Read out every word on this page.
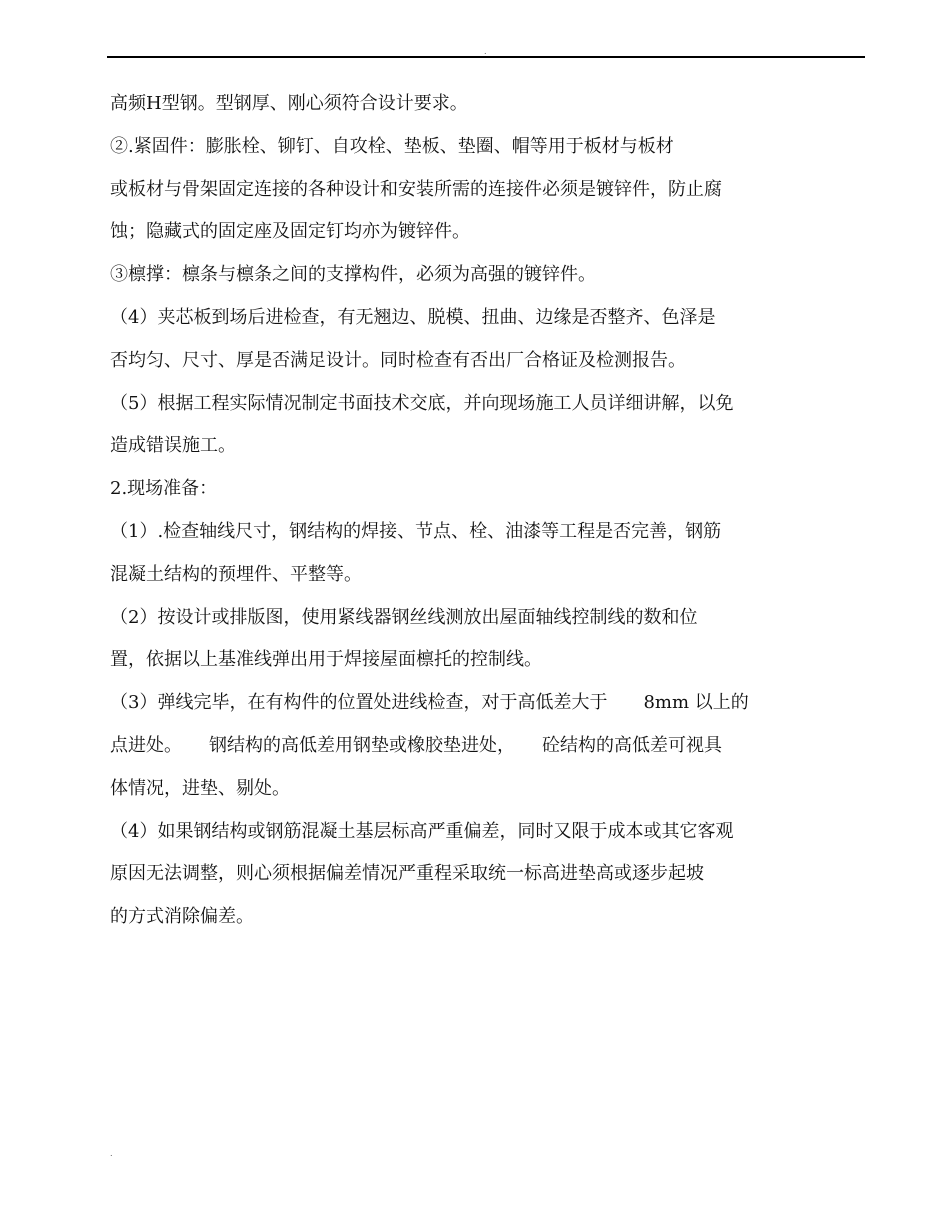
.
高频H型钢。型钢厚、刚心须符合设计要求。
②.紧固件：膨胀栓、铆钉、自攻栓、垫板、垫圈、帽等用于板材与板材
或板材与骨架固定连接的各种设计和安装所需的连接件必须是镀锌件，防止腐
蚀；隐藏式的固定座及固定钉均亦为镀锌件。
③檩撑：檩条与檩条之间的支撑构件，必须为高强的镀锌件。
（4）夹芯板到场后进检查，有无翘边、脱模、扭曲、边缘是否整齐、色泽是
否均匀、尺寸、厚是否满足设计。同时检查有否出厂合格证及检测报告。
（5）根据工程实际情况制定书面技术交底，并向现场施工人员详细讲解，以免
造成错误施工。
2.现场准备：
（1）.检查轴线尺寸，钢结构的焊接、节点、栓、油漆等工程是否完善，钢筋
混凝土结构的预埋件、平整等。
（2）按设计或排版图，使用紧线器钢丝线测放出屋面轴线控制线的数和位
置，依据以上基准线弹出用于焊接屋面檩托的控制线。
（3）弹线完毕，在有构件的位置处进线检查，对于高低差大于　　8mm 以上的
点进处。　　钢结构的高低差用钢垫或橡胶垫进处，　　砼结构的高低差可视具
体情况，进垫、剔处。
（4）如果钢结构或钢筋混凝土基层标高严重偏差，同时又限于成本或其它客观
原因无法调整，则心须根据偏差情况严重程采取统一标高进垫高或逐步起坡
的方式消除偏差。
.
